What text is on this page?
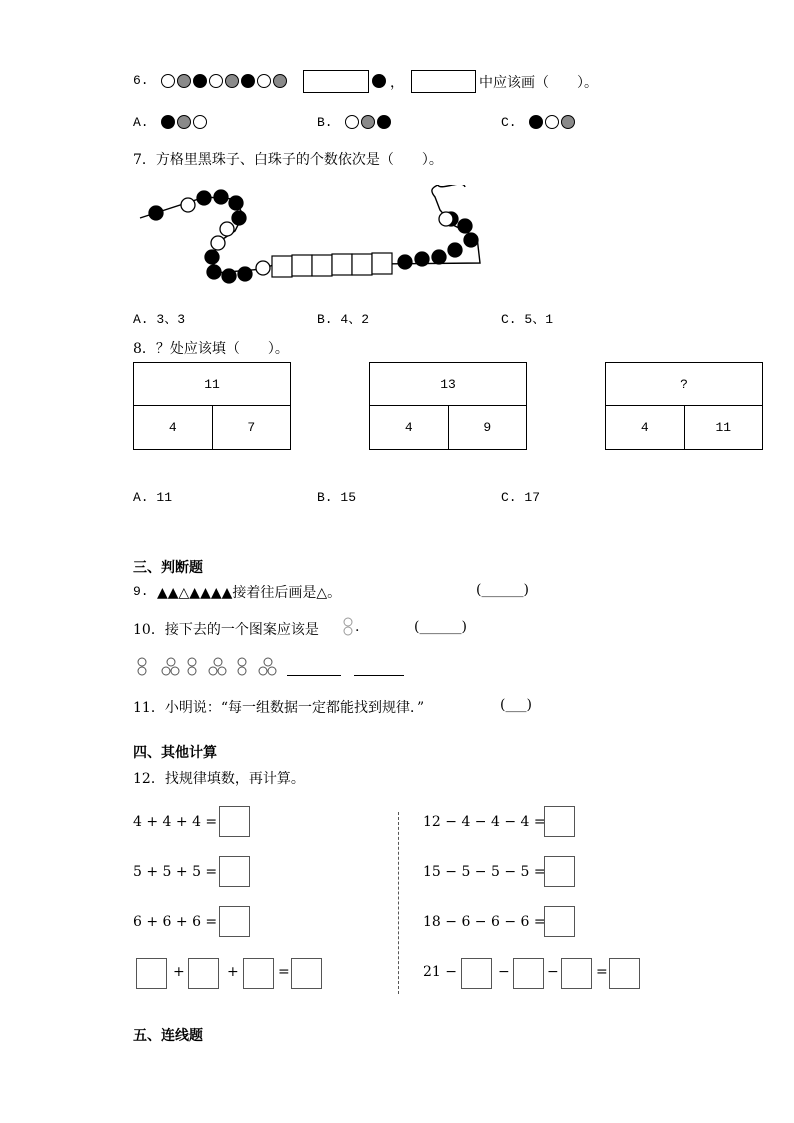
6.	，	中应该画（　　）。
A.	B.	C.
7．方格里黑珠子、白珠子的个数依次是（　　）。
A. 3、3	B. 4、2	C. 5、1
8．？处应该填（　　）。
11
4	7
13
4	9
?
4	11
A. 11	B. 15	C. 17
三、判断题
9. ▲▲△▲▲▲▲接着往后画是△。	(______)
10．接下去的一个图案应该是	.	(______)
11．小明说：“每一组数据一定都能找到规律．”	(___)
四、其他计算
12．找规律填数，再计算。
4 + 4 + 4 =
5 + 5 + 5 =
6 + 6 + 6 =
+	+	=
12 − 4 − 4 − 4 =
15 − 5 − 5 − 5 =
18 − 6 − 6 − 6 =
21 −	−	−	=
五、连线题
